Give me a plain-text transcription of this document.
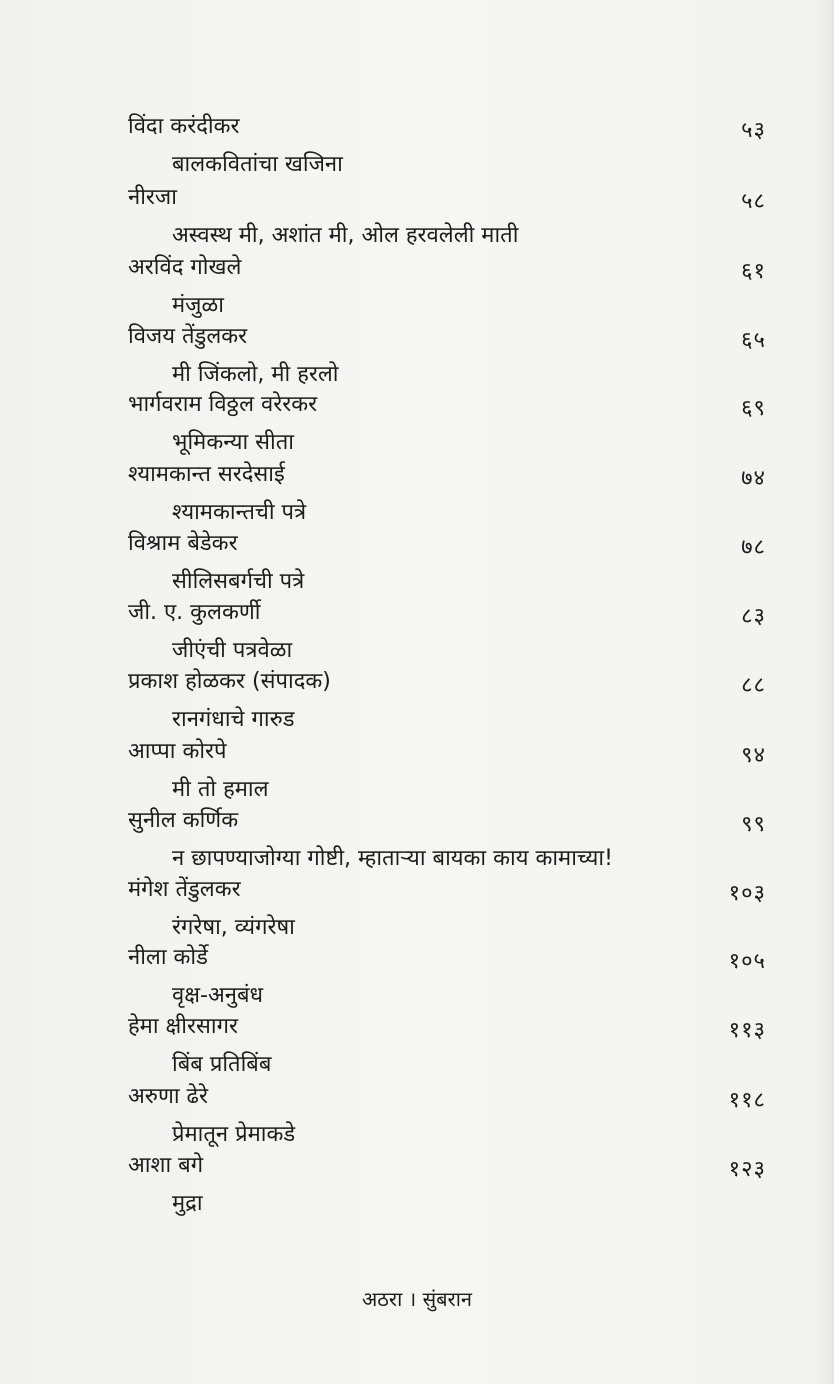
विंदा करंदीकर	५३
बालकवितांचा खजिना
नीरजा	५८
अस्वस्थ मी, अशांत मी, ओल हरवलेली माती
अरविंद गोखले	६१
मंजुळा
विजय तेंडुलकर	६५
मी जिंकलो, मी हरलो
भार्गवराम विठ्ठल वरेरकर	६९
भूमिकन्या सीता
श्यामकान्त सरदेसाई	७४
श्यामकान्तची पत्रे
विश्राम बेडेकर	७८
सीलिसबर्गची पत्रे
जी. ए. कुलकर्णी	८३
जीएंची पत्रवेळा
प्रकाश होळकर (संपादक)	८८
रानगंधाचे गारुड
आप्पा कोरपे	९४
मी तो हमाल
सुनील कर्णिक	९९
न छापण्याजोग्या गोष्टी, म्हाताऱ्या बायका काय कामाच्या!
मंगेश तेंडुलकर	१०३
रंगरेषा, व्यंगरेषा
नीला कोर्डे	१०५
वृक्ष-अनुबंध
हेमा क्षीरसागर	११३
बिंब प्रतिबिंब
अरुणा ढेरे	११८
प्रेमातून प्रेमाकडे
आशा बगे	१२३
मुद्रा
अठरा । सुंबरान
